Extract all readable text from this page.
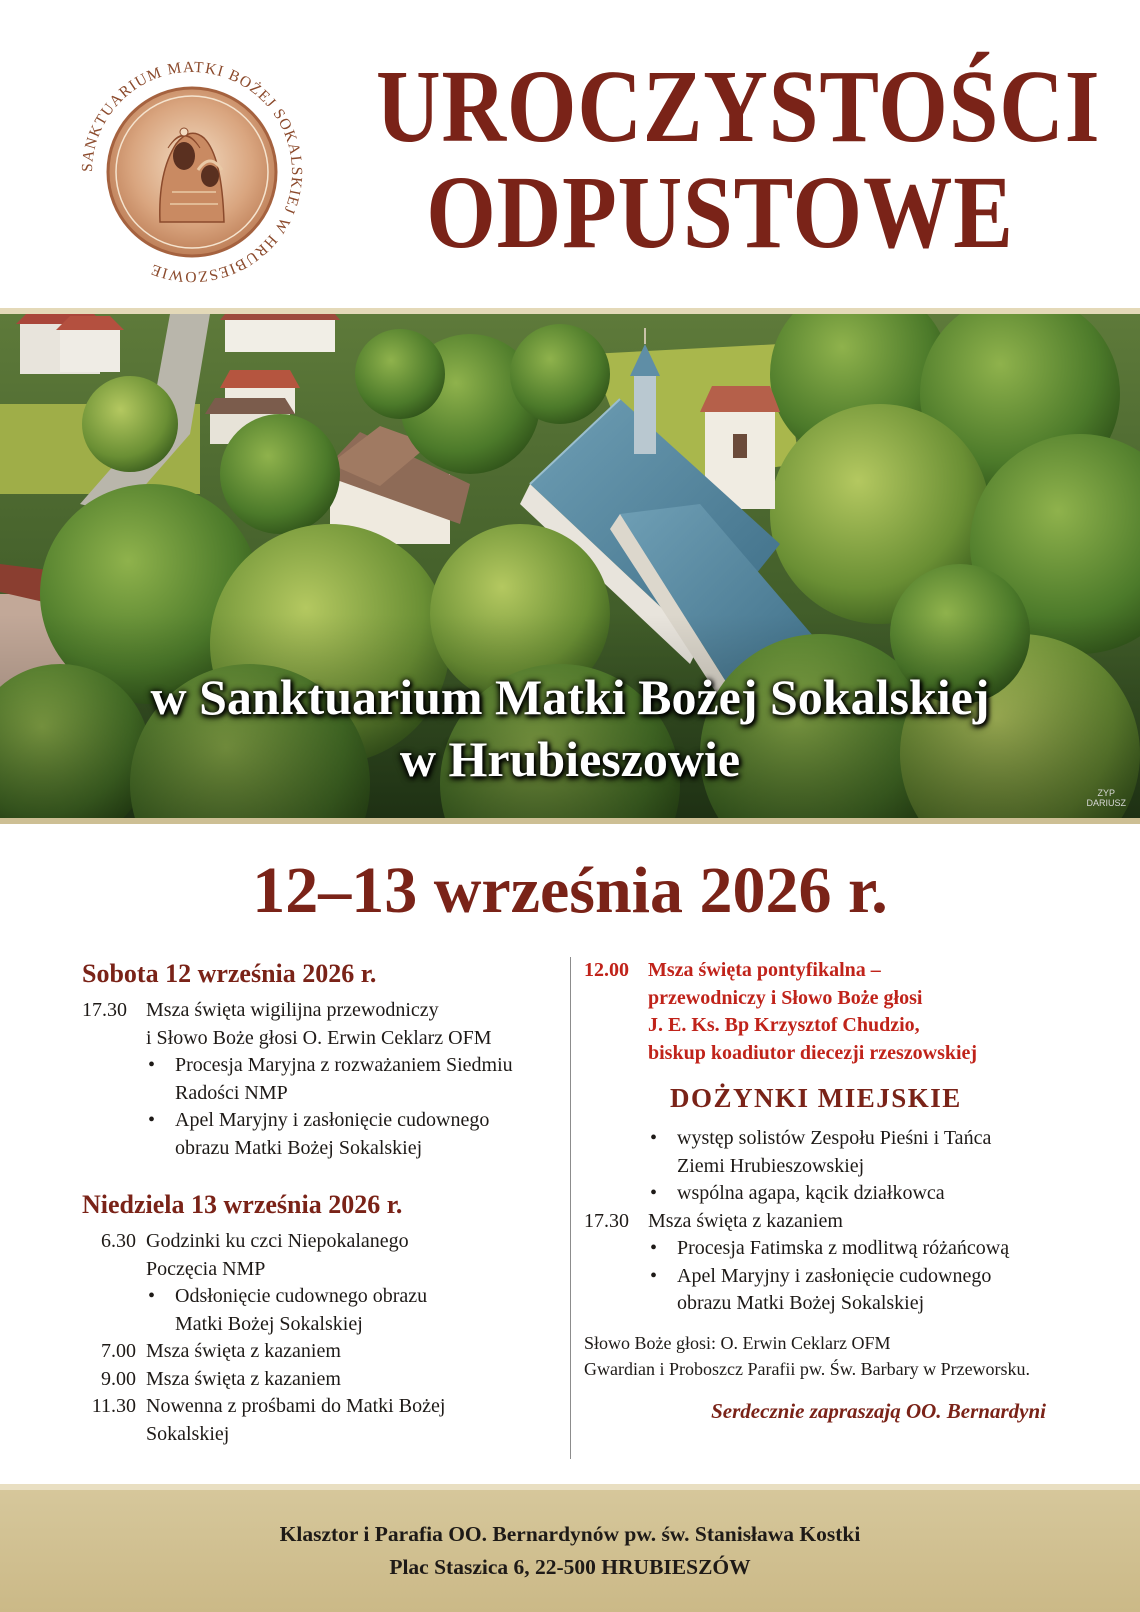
SANKTUARIUM MATKI BOŻEJ SOKALSKIEJ W HRUBIESZOWIE
UROCZYSTOŚCI
ODPUSTOWE
w Sanktuarium Matki Bożej Sokalskiej
w Hrubieszowie
ZYP
DARIUSZ
12–13 września 2026 r.
Sobota 12 września 2026 r.
17.30 Msza święta wigilijna przewodniczy
i Słowo Boże głosi O. Erwin Ceklarz OFM
• Procesja Maryjna z rozważaniem Siedmiu
Radości NMP
• Apel Maryjny i zasłonięcie cudownego
obrazu Matki Bożej Sokalskiej
Niedziela 13 września 2026 r.
6.30 Godzinki ku czci Niepokalanego
Poczęcia NMP
• Odsłonięcie cudownego obrazu
Matki Bożej Sokalskiej
7.00 Msza święta z kazaniem
9.00 Msza święta z kazaniem
11.30 Nowenna z prośbami do Matki Bożej
Sokalskiej
12.00 Msza święta pontyfikalna –
przewodniczy i Słowo Boże głosi
J. E. Ks. Bp Krzysztof Chudzio,
biskup koadiutor diecezji rzeszowskiej
DOŻYNKI MIEJSKIE
• występ solistów Zespołu Pieśni i Tańca
Ziemi Hrubieszowskiej
• wspólna agapa, kącik działkowca
17.30 Msza święta z kazaniem
• Procesja Fatimska z modlitwą różańcową
• Apel Maryjny i zasłonięcie cudownego
obrazu Matki Bożej Sokalskiej
Słowo Boże głosi: O. Erwin Ceklarz OFM
Gwardian i Proboszcz Parafii pw. Św. Barbary w Przeworsku.
Serdecznie zapraszają OO. Bernardyni
Klasztor i Parafia OO. Bernardynów pw. św. Stanisława Kostki
Plac Staszica 6, 22-500 HRUBIESZÓW
